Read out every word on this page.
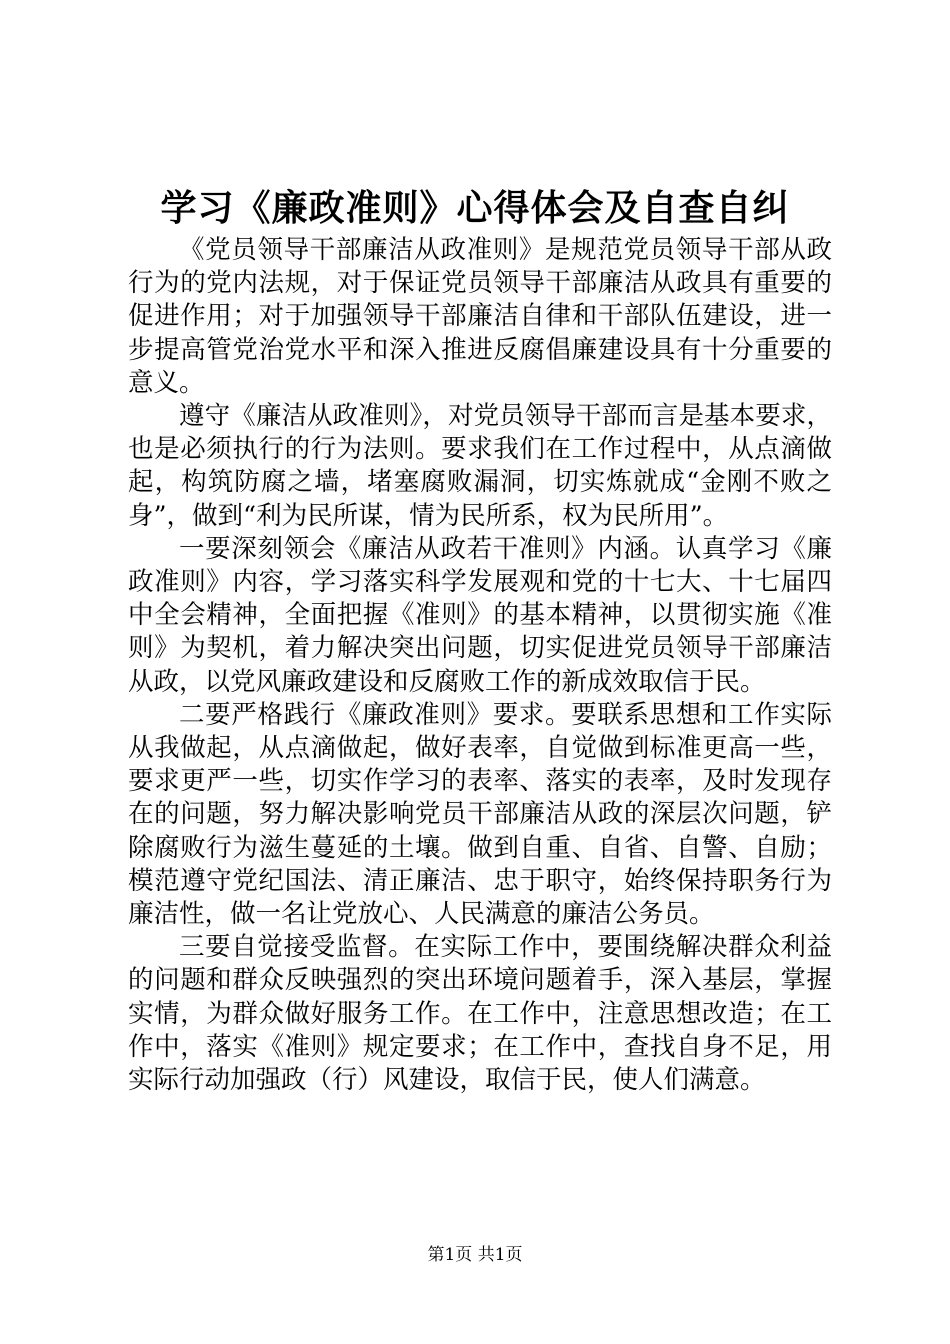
学习《廉政准则》心得体会及自查自纠

《党员领导干部廉洁从政准则》是规范党员领导干部从政行为的党内法规，对于保证党员领导干部廉洁从政具有重要的促进作用；对于加强领导干部廉洁自律和干部队伍建设，进一步提高管党治党水平和深入推进反腐倡廉建设具有十分重要的意义。

遵守《廉洁从政准则》，对党员领导干部而言是基本要求，也是必须执行的行为法则。要求我们在工作过程中，从点滴做起，构筑防腐之墙，堵塞腐败漏洞，切实炼就成“金刚不败之身”，做到“利为民所谋，情为民所系，权为民所用”。

一要深刻领会《廉洁从政若干准则》内涵。认真学习《廉政准则》内容，学习落实科学发展观和党的十七大、十七届四中全会精神，全面把握《准则》的基本精神，以贯彻实施《准则》为契机，着力解决突出问题，切实促进党员领导干部廉洁从政，以党风廉政建设和反腐败工作的新成效取信于民。

二要严格践行《廉政准则》要求。要联系思想和工作实际从我做起，从点滴做起，做好表率，自觉做到标准更高一些，要求更严一些，切实作学习的表率、落实的表率，及时发现存在的问题，努力解决影响党员干部廉洁从政的深层次问题，铲除腐败行为滋生蔓延的土壤。做到自重、自省、自警、自励；模范遵守党纪国法、清正廉洁、忠于职守，始终保持职务行为廉洁性，做一名让党放心、人民满意的廉洁公务员。

三要自觉接受监督。在实际工作中，要围绕解决群众利益的问题和群众反映强烈的突出环境问题着手，深入基层，掌握实情，为群众做好服务工作。在工作中，注意思想改造；在工作中，落实《准则》规定要求；在工作中，查找自身不足，用实际行动加强政（行）风建设，取信于民，使人们满意。

第1页 共1页
